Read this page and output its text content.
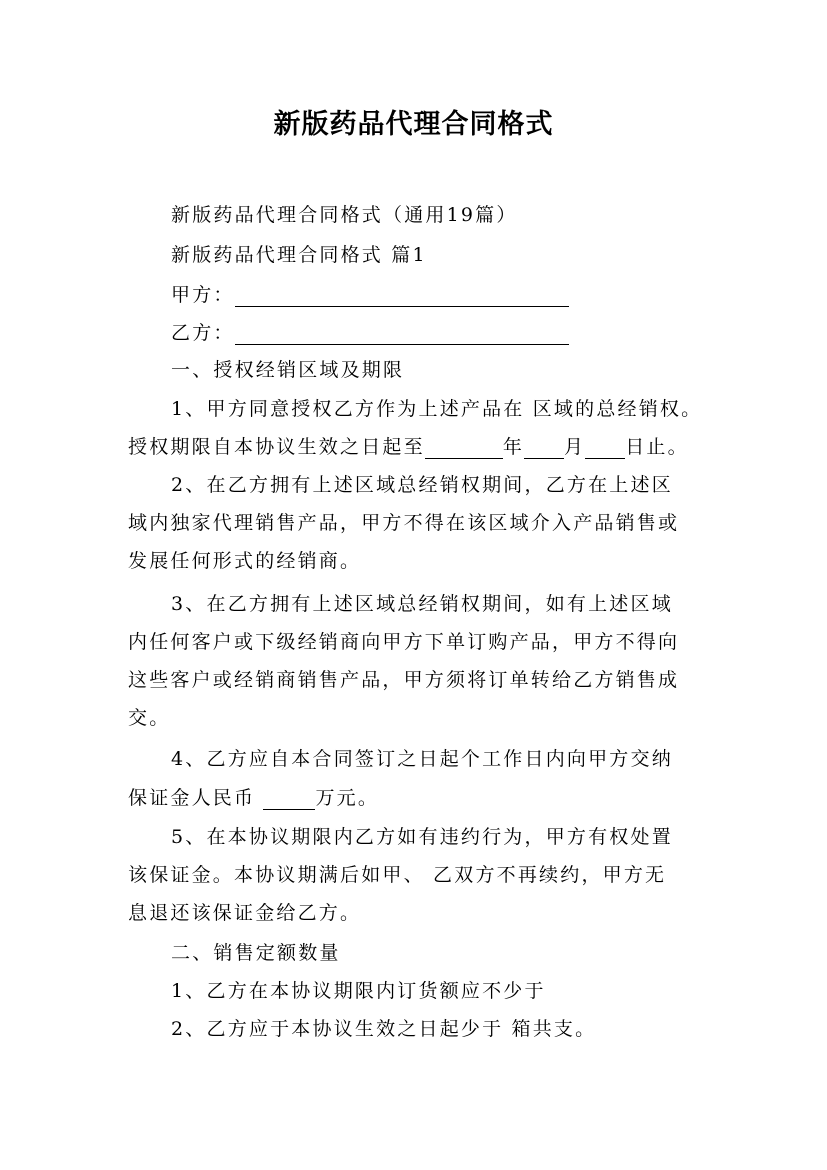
新版药品代理合同格式
新版药品代理合同格式（通用19篇）
新版药品代理合同格式 篇1
甲方：
乙方：
一、授权经销区域及期限
1、甲方同意授权乙方作为上述产品在 区域的总经销权。
授权期限自本协议生效之日起至	年 月 日止。
2、在乙方拥有上述区域总经销权期间，乙方在上述区
域内独家代理销售产品，甲方不得在该区域介入产品销售或
发展任何形式的经销商。
3、在乙方拥有上述区域总经销权期间，如有上述区域
内任何客户或下级经销商向甲方下单订购产品，甲方不得向
这些客户或经销商销售产品，甲方须将订单转给乙方销售成
交。
4、乙方应自本合同签订之日起个工作日内向甲方交纳
保证金人民币	万元。
5、在本协议期限内乙方如有违约行为，甲方有权处置
该保证金。本协议期满后如甲、 乙双方不再续约，甲方无
息退还该保证金给乙方。
二、销售定额数量
1、乙方在本协议期限内订货额应不少于
2、乙方应于本协议生效之日起少于 箱共支。
